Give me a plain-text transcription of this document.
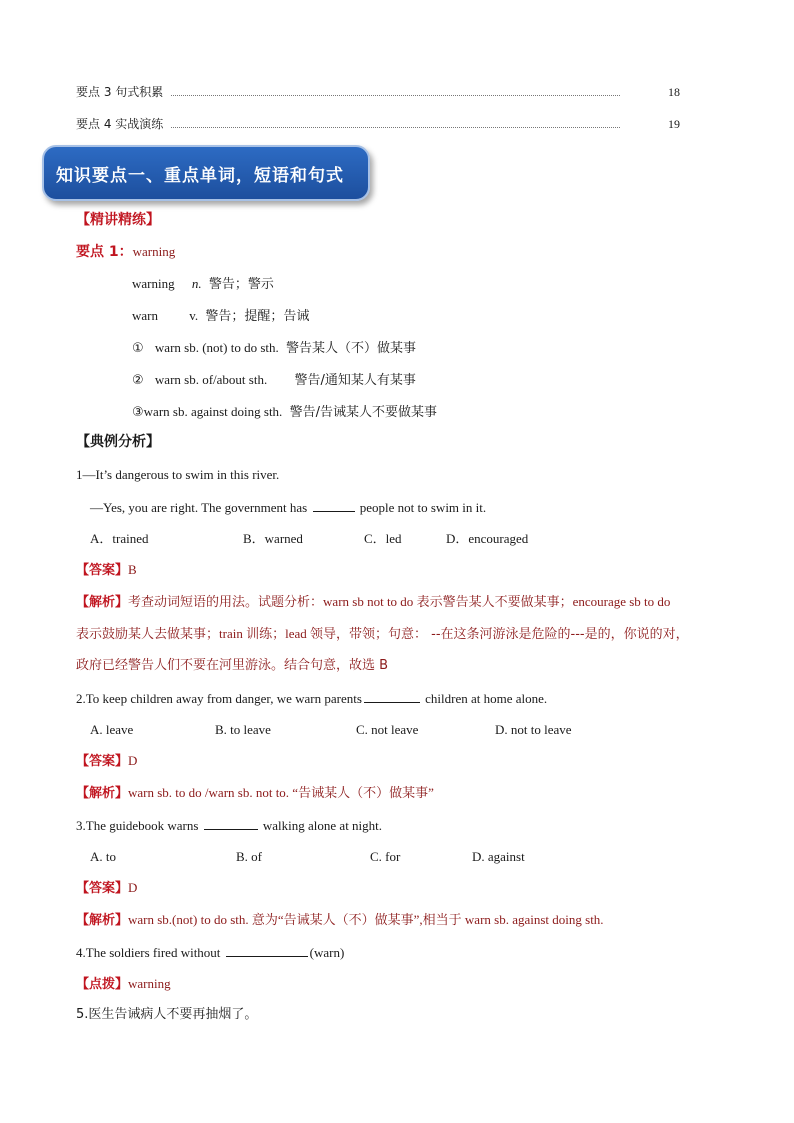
要点 3 句式积累	18
要点 4 实战演练	19
知识要点一、重点单词，短语和句式
【精讲精练】
要点 1：warning
warning n. 警告；警示
warn v. 警告；提醒；告诫
① warn sb. (not) to do sth. 警告某人（不）做某事
② warn sb. of/about sth. 警告/通知某人有某事
③warn sb. against doing sth. 警告/告诫某人不要做某事
【典例分析】
1—It’s dangerous to swim in this river.
—Yes, you are right. The government has	people not to swim in it.
A．trained	B．warned	C．led	D．encouraged
【答案】B
【解析】考查动词短语的用法。试题分析：warn sb not to do 表示警告某人不要做某事；encourage sb to do
表示鼓励某人去做某事；train 训练；lead 领导，带领；句意： --在这条河游泳是危险的---是的，你说的对，
政府已经警告人们不要在河里游泳。结合句意，故选 B
2.To keep children away from danger, we warn parents	children at home alone.
A. leave	B. to leave	C. not leave	D. not to leave
【答案】D
【解析】warn sb. to do /warn sb. not to. “告诫某人（不）做某事”
3.The guidebook warns	walking alone at night.
A. to	B. of	C. for	D. against
【答案】D
【解析】warn sb.(not) to do sth. 意为“告诫某人（不）做某事”,相当于 warn sb. against doing sth.
4.The soldiers fired without	(warn)
【点拨】warning
5.医生告诫病人不要再抽烟了。
